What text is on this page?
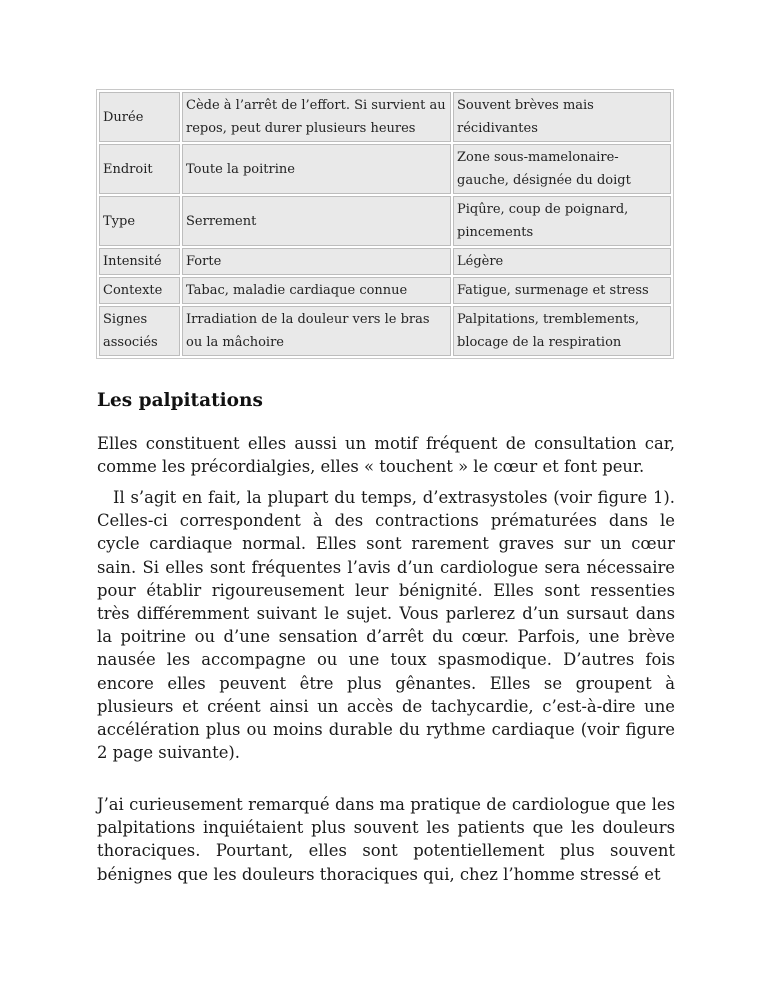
Durée	Cède à l’arrêt de l’effort. Si survient au repos, peut durer plusieurs heures	Souvent brèves mais récidivantes
Endroit	Toute la poitrine	Zone sous-mamelonaire-gauche, désignée du doigt
Type	Serrement	Piqûre, coup de poignard, pincements
Intensité	Forte	Légère
Contexte	Tabac, maladie cardiaque connue	Fatigue, surmenage et stress
Signes associés	Irradiation de la douleur vers le bras ou la mâchoire	Palpitations, tremblements, blocage de la respiration
Les palpitations

Elles constituent elles aussi un motif fréquent de consultation car, comme les précordialgies, elles « touchent » le cœur et font peur.

Il s’agit en fait, la plupart du temps, d’extrasystoles (voir figure 1). Celles-ci correspondent à des contractions prématurées dans le cycle cardiaque normal. Elles sont rarement graves sur un cœur sain. Si elles sont fréquentes l’avis d’un cardiologue sera nécessaire pour établir rigoureusement leur bénignité. Elles sont ressenties très différemment suivant le sujet. Vous parlerez d’un sursaut dans la poitrine ou d’une sensation d’arrêt du cœur. Parfois, une brève nausée les accompagne ou une toux spasmodique. D’autres fois encore elles peuvent être plus gênantes. Elles se groupent à plusieurs et créent ainsi un accès de tachycardie, c’est-à-dire une accélération plus ou moins durable du rythme cardiaque (voir figure 2 page suivante).

J’ai curieusement remarqué dans ma pratique de cardiologue que les palpitations inquiétaient plus souvent les patients que les douleurs thoraciques. Pourtant, elles sont potentiellement plus souvent bénignes que les douleurs thoraciques qui, chez l’homme stressé et
